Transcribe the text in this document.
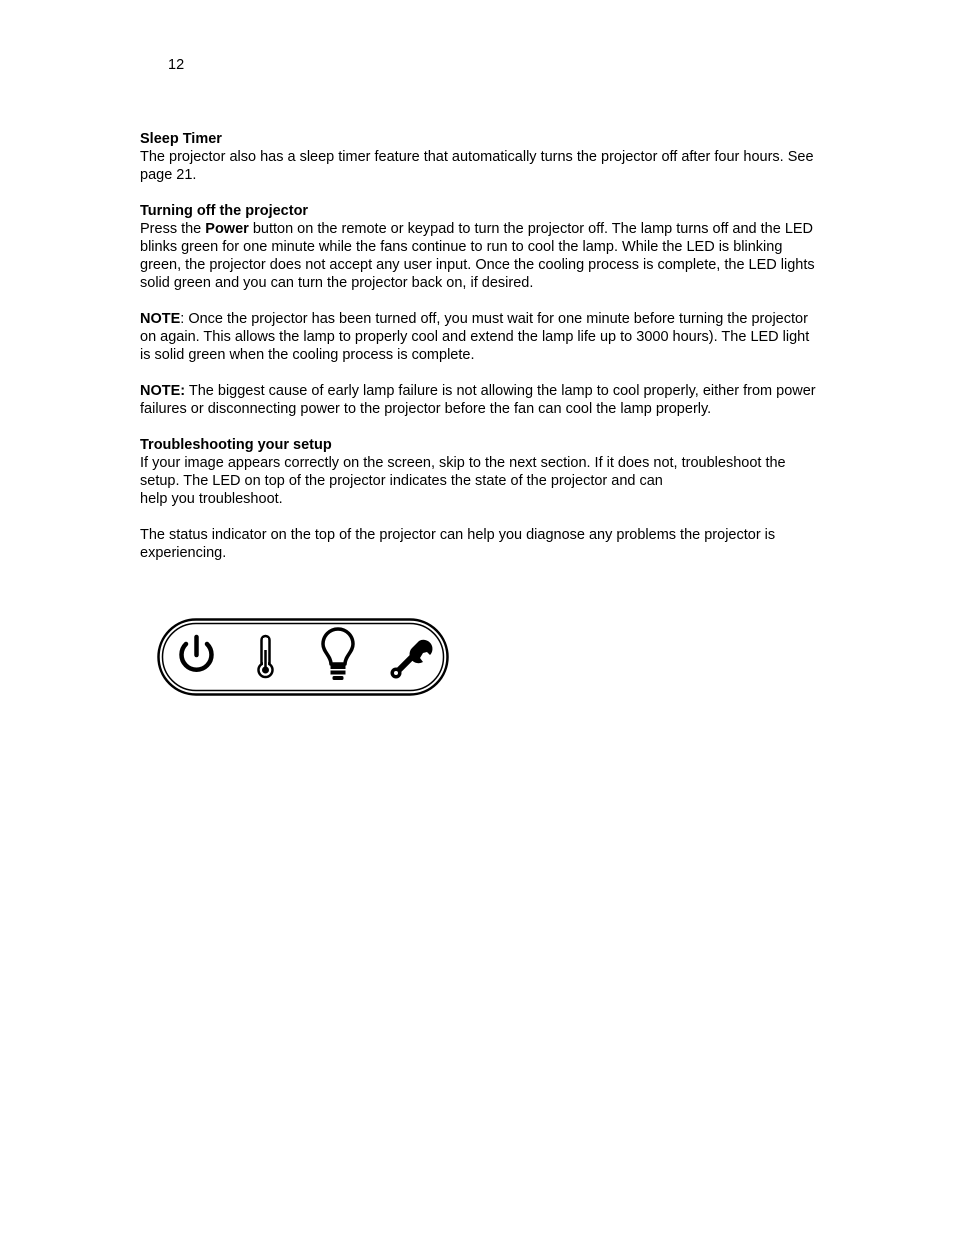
12
Sleep Timer

The projector also has a sleep timer feature that automatically turns the projector off after four hours. See page 21.

Turning off the projector

Press the Power button on the remote or keypad to turn the projector off. The lamp turns off and the LED blinks green for one minute while the fans continue to run to cool the lamp. While the LED is blinking green, the projector does not accept any user input. Once the cooling process is complete, the LED lights solid green and you can turn the projector back on, if desired.

NOTE: Once the projector has been turned off, you must wait for one minute before turning the projector on again. This allows the lamp to properly cool and extend the lamp life up to 3000 hours). The LED light is solid green when the cooling process is complete.

NOTE: The biggest cause of early lamp failure is not allowing the lamp to cool properly, either from power failures or disconnecting power to the projector before the fan can cool the lamp properly.

Troubleshooting your setup

If your image appears correctly on the screen, skip to the next section. If it does not, troubleshoot the setup. The LED on top of the projector indicates the state of the projector and can
help you troubleshoot.

The status indicator on the top of the projector can help you diagnose any problems the projector is experiencing.
